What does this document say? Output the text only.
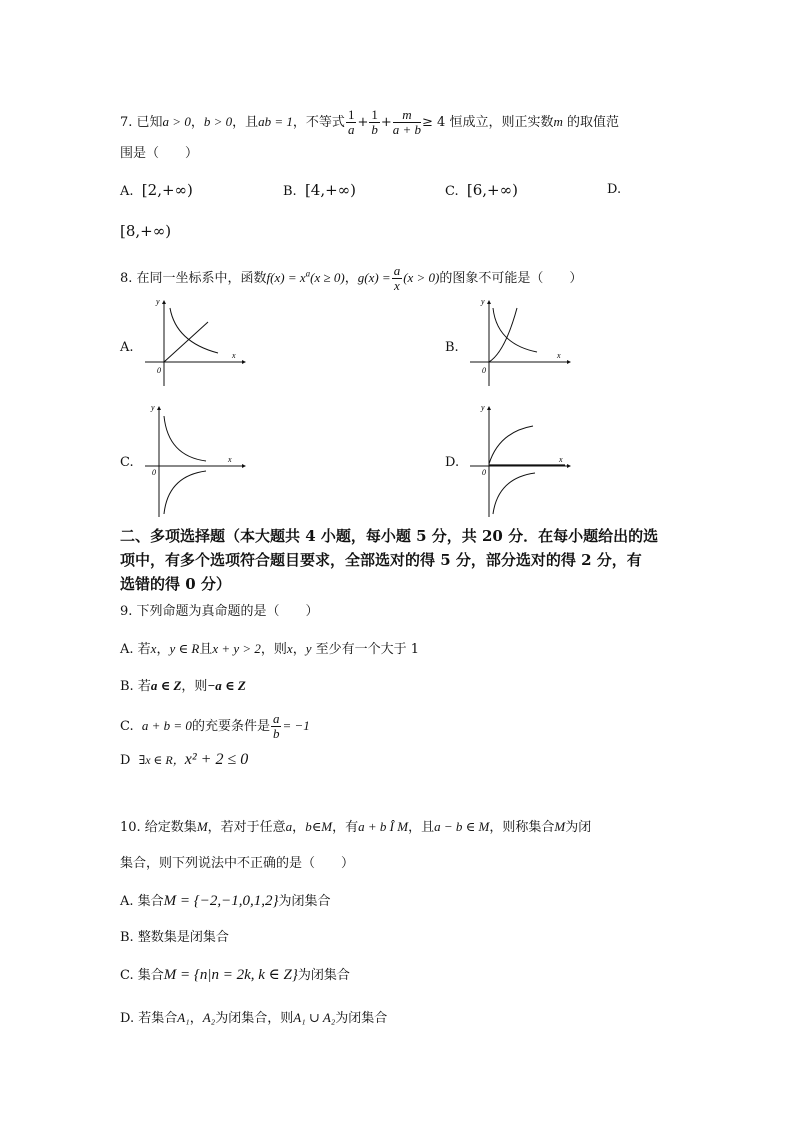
7. 已知a > 0，b > 0，且ab = 1，不等式 $\frac{1}{a} + \frac{1}{b} + \frac{m}{a + b} \ge 4$ 恒成立，则正实数m 的取值范
围是（　　）
A. [2,+∞)	B. [4,+∞)	C. [6,+∞)	D.
[8,+∞)
8. 在同一坐标系中，函数$f(x) = x^a(x \ge 0)$，$g(x) = \frac{a}{x} (x > 0)$的图象不可能是（　　）
A.	B.
C.	D.
y
x
0
y
x
0
y
x
0
y
x
0
二、多项选择题（本大题共 4 小题，每小题 5 分，共 20 分．在每小题给出的选
项中，有多个选项符合题目要求，全部选对的得 5 分，部分选对的得 2 分，有
选错的得 0 分）
9. 下列命题为真命题的是（　　）
A. 若x，y ∈ R且x + y > 2，则x，y 至少有一个大于 1
B. 若a ∈ Z，则−a ∈ Z
C. a + b = 0的充要条件是 $\frac{a}{b} = -1$
D ∃x ∈ R，x² + 2 ≤ 0
10. 给定数集M，若对于任意a，b∈M，有a + b Î M，且a − b ∈ M，则称集合M为闭
集合，则下列说法中不正确的是（　　）
A. 集合M = {−2,−1,0,1,2}为闭集合
B. 整数集是闭集合
C. 集合M = {n|n = 2k, k ∈ Z}为闭集合
D. 若集合A₁，A₂为闭集合，则A₁ ∪ A₂为闭集合
